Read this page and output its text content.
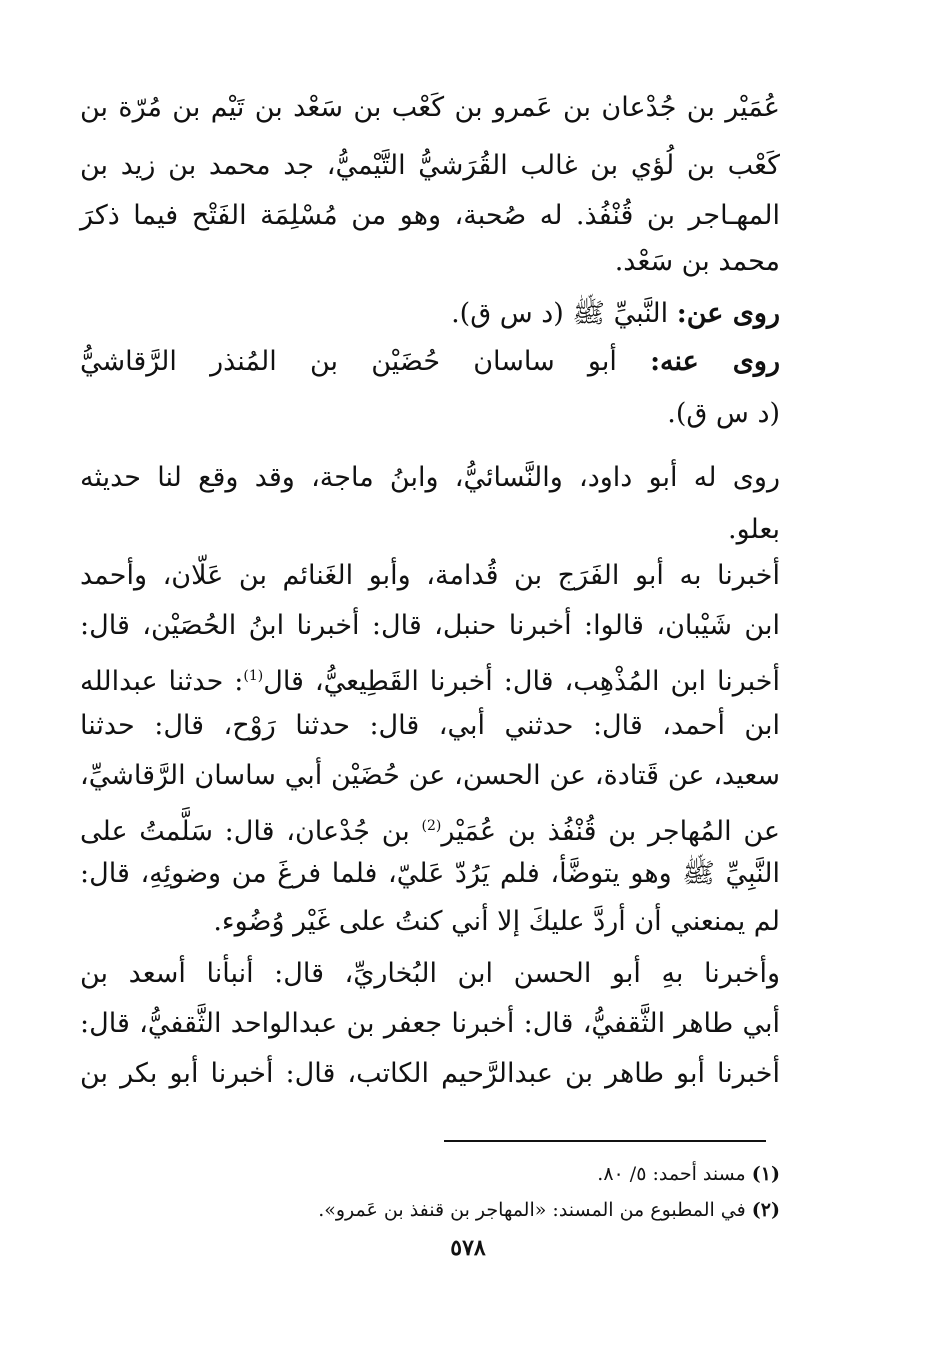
عُمَيْر بن جُدْعان بن عَمرو بن كَعْب بن سَعْد بن تَيْم بن مُرّة بن
كَعْب بن لُؤي بن غالب القُرَشيُّ التَّيْميُّ، جد محمد بن زيد بن
المهـاجر بن قُنْفُذ. له صُحبة، وهو من مُسْلِمَة الفَتْح فيما ذكرَ
محمد بن سَعْد.
روى عن: النَّبيِّ ﷺ (د س ق).
روى عنه: أبو ساسان حُضَيْن بن المُنذر الرَّقاشيُّ
(د س ق).
روى له أبو داود، والنَّسائيُّ، وابنُ ماجة، وقد وقع لنا حديثه
بعلو.
أخبرنا به أبو الفَرَج بن قُدامة، وأبو الغَنائم بن عَلّان، وأحمد
ابن شَيْبان، قالوا: أخبرنا حنبل، قال: أخبرنا ابنُ الحُصَيْن، قال:
أخبرنا ابن المُذْهِب، قال: أخبرنا القَطِيعيُّ، قال$^{(1)}$: حدثنا عبدالله
ابن أحمد، قال: حدثني أبي، قال: حدثنا رَوْح، قال: حدثنا
سعيد، عن قَتادة، عن الحسن، عن حُضَيْن أبي ساسان الرَّقاشيِّ،
عن المُهاجر بن قُنْفُذ بن عُمَيْر$^{(2)}$ بن جُدْعان، قال: سَلَّمتُ على
النَّبِيِّ ﷺ وهو يتوضَّأ، فلم يَرُدّ عَليّ، فلما فرغَ من وضوئِهِ، قال:
لم يمنعني أن أردَّ عليكَ إلا أني كنتُ على غَيْر وُضُوء.
وأخبرنا بهِ أبو الحسن ابن البُخاريِّ، قال: أنبأنا أسعد بن
أبي طاهر الثَّقفيُّ، قال: أخبرنا جعفر بن عبدالواحد الثَّقفيُّ، قال:
أخبرنا أبو طاهر بن عبدالرَّحيم الكاتب، قال: أخبرنا أبو بكر بن
(١) مسند أحمد: ٥/ ٨٠.
(٢) في المطبوع من المسند: «المهاجر بن قنفذ بن عَمرو».
٥٧٨
